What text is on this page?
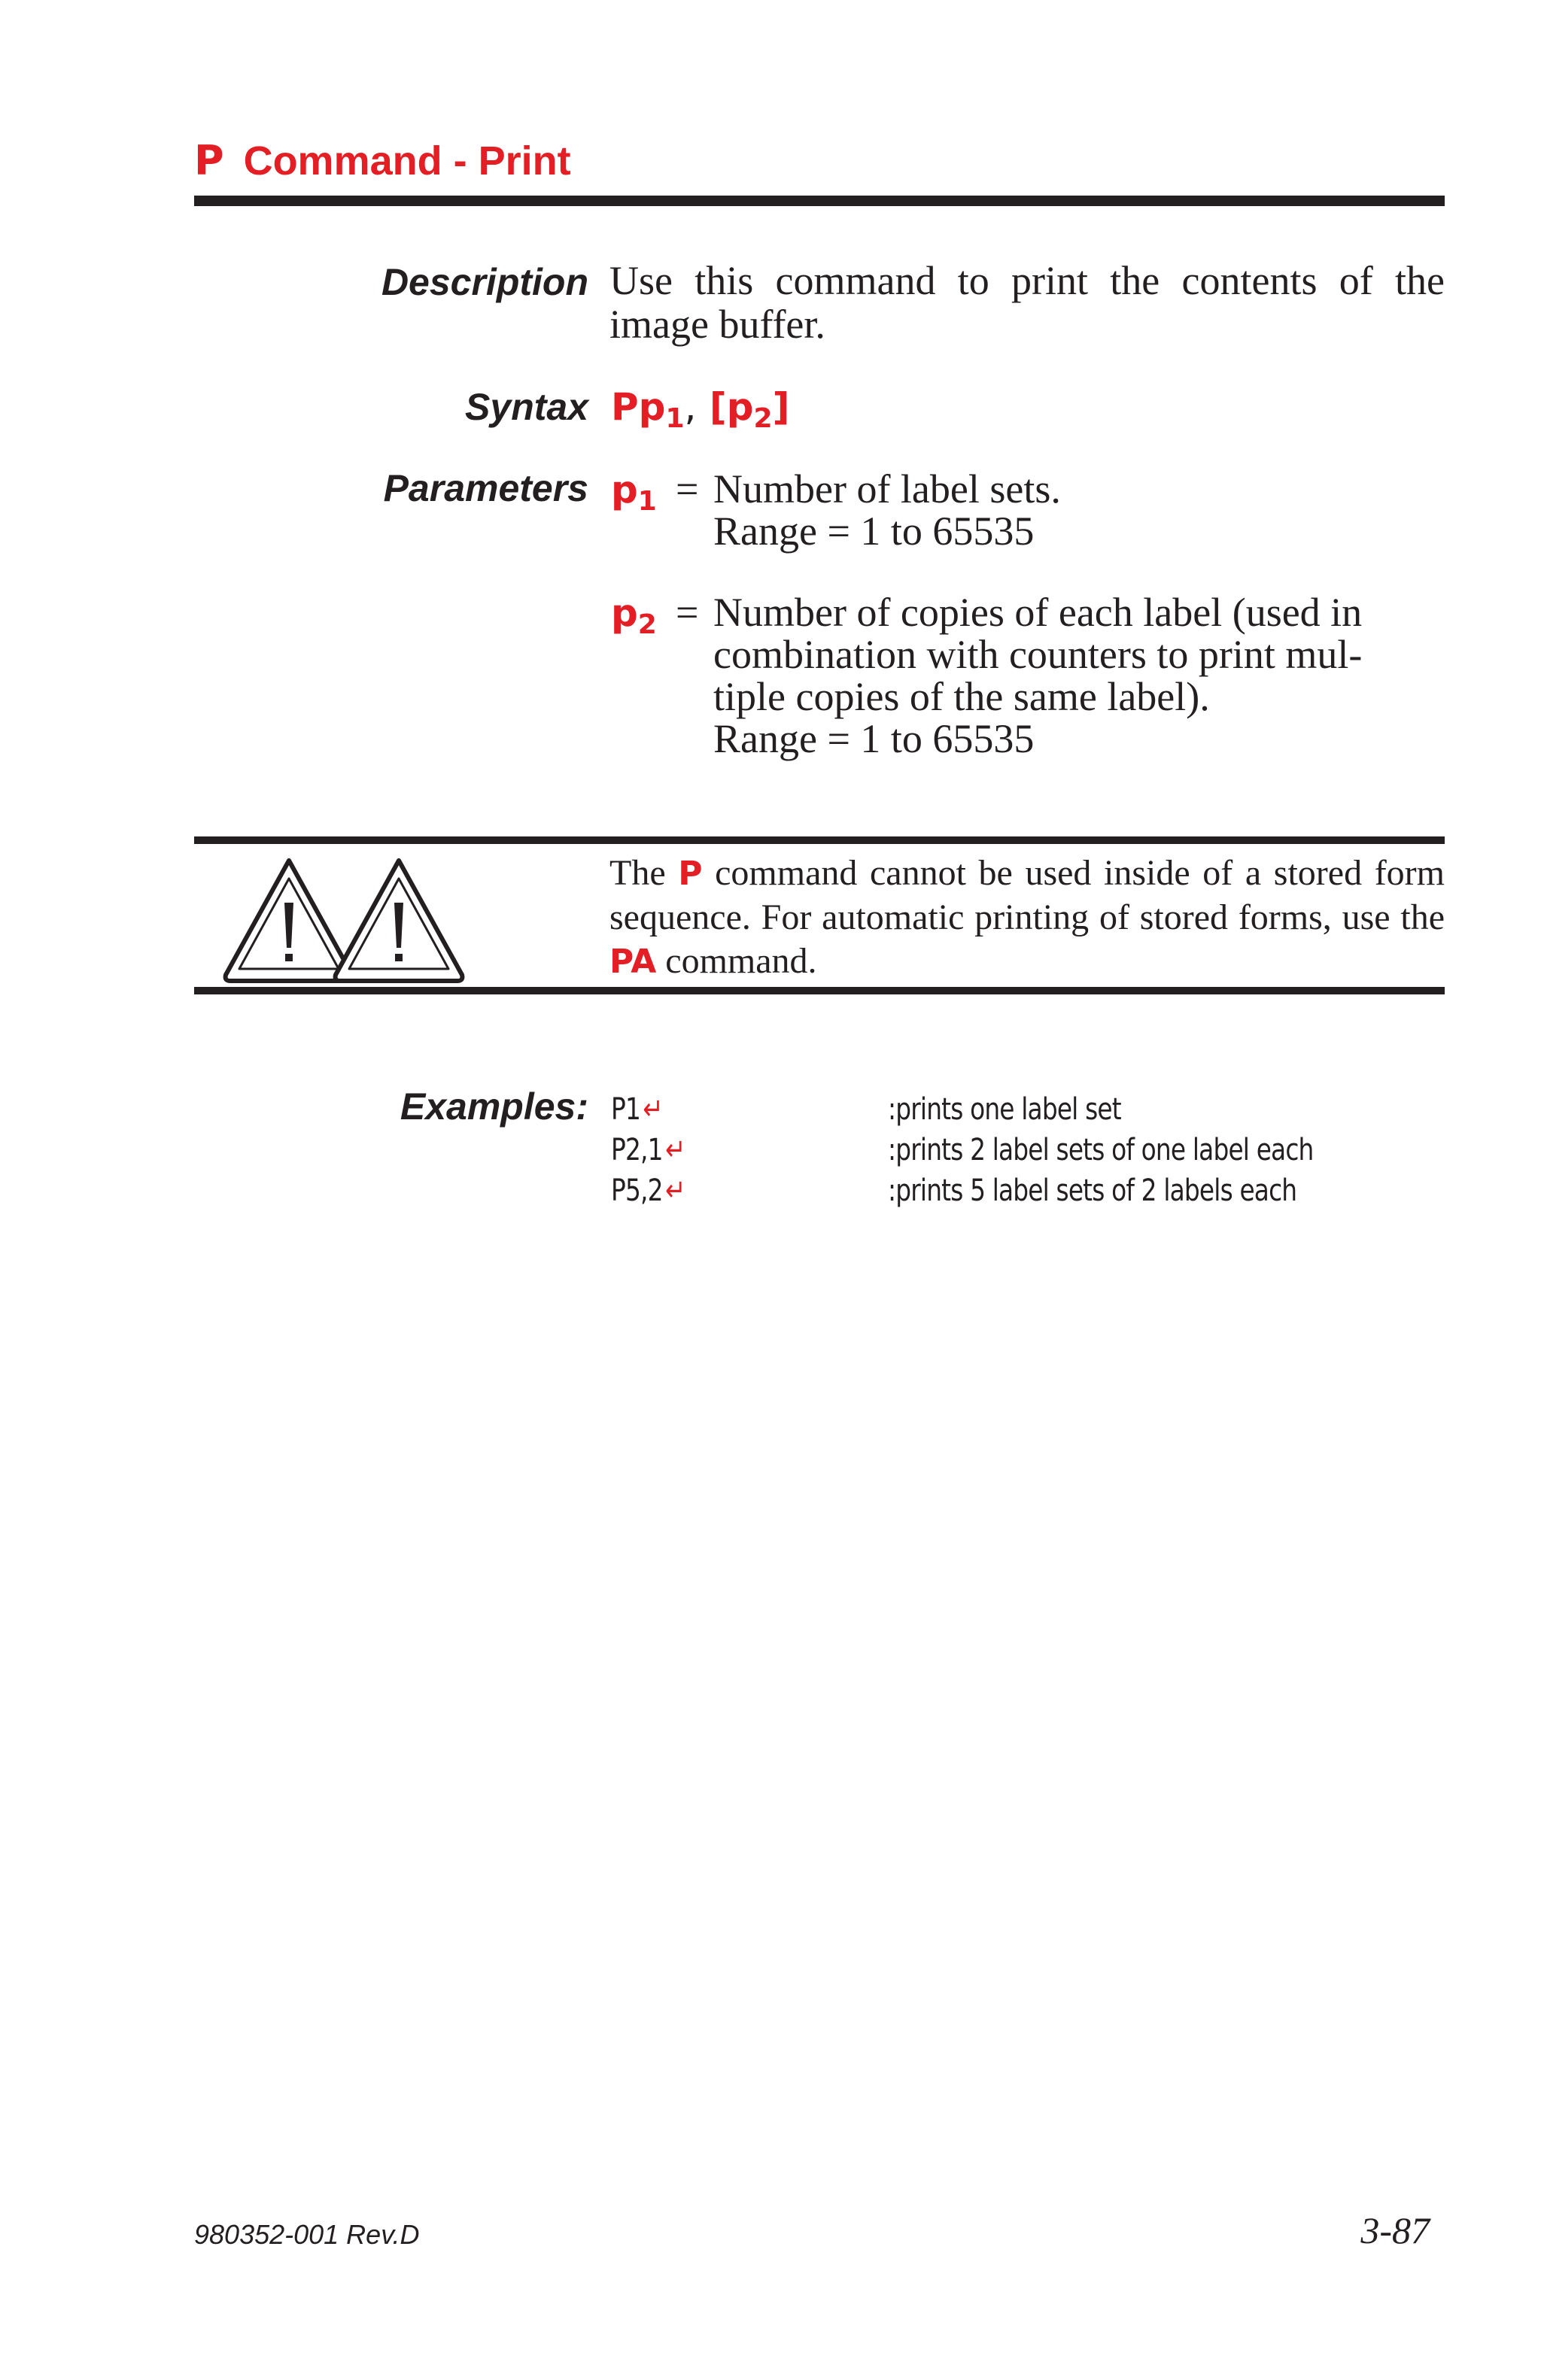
P Command - Print
Description Use this command to print the contents of the image buffer.
Syntax $Pp_1$, $[p_2]$
Parameters $p_1$ = Number of label sets.
Range = 1 to 65535
$p_2$ = Number of copies of each label (used in
combination with counters to print mul-
tiple copies of the same label).
Range = 1 to 65535
The P command cannot be used inside of a stored form sequence. For automatic printing of stored forms, use the PA command.
Examples: P1↵
P2,1↵
P5,2↵
:prints one label set
:prints 2 label sets of one label each
:prints 5 label sets of 2 labels each
980352-001 Rev.D	3-87
